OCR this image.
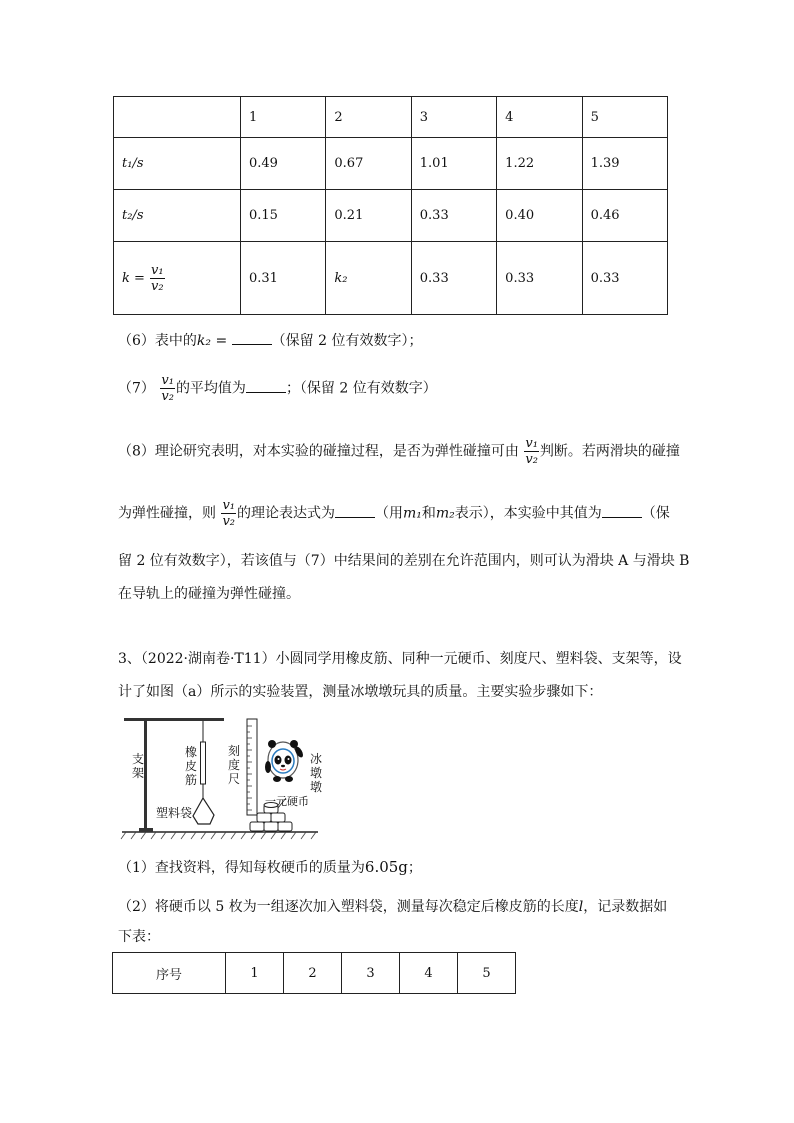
	1	2	3	4	5
t₁/s	0.49	0.67	1.01	1.22	1.39
t₂/s	0.15	0.21	0.33	0.40	0.46
$k = \frac{\text{v₁}}{\text{v₂}}$	0.31	k₂	0.33	0.33	0.33
（6）表中的k₂ =	（保留 2 位有效数字）；
$(7) \frac{\text{v₁}}{\text{v₂}}$ 的平均值为	；（保留 2 位有效数字）
（8）理论研究表明，对本实验的碰撞过程，是否为弹性碰撞可由 $\frac{\text{v₁}}{\text{v₂}}$ 判断。若两滑块的碰撞
为弹性碰撞，则 $\frac{\text{v₁}}{\text{v₂}}$ 的理论表达式为	（用m₁和m₂表示），本实验中其值为	（保
留 2 位有效数字），若该值与（7）中结果间的差别在允许范围内，则可认为滑块 A 与滑块 B
在导轨上的碰撞为弹性碰撞。
3、（2022·湖南卷·T11）小圆同学用橡皮筋、同种一元硬币、刻度尺、塑料袋、支架等，设
计了如图（a）所示的实验装置，测量冰墩墩玩具的质量。主要实验步骤如下：
支架
橡皮筋
刻度尺
冰墩墩
塑料袋
一元硬币
（1）查找资料，得知每枚硬币的质量为6.05g；
（2）将硬币以 5 枚为一组逐次加入塑料袋，测量每次稳定后橡皮筋的长度l，记录数据如
下表：
序号	1	2	3	4	5
